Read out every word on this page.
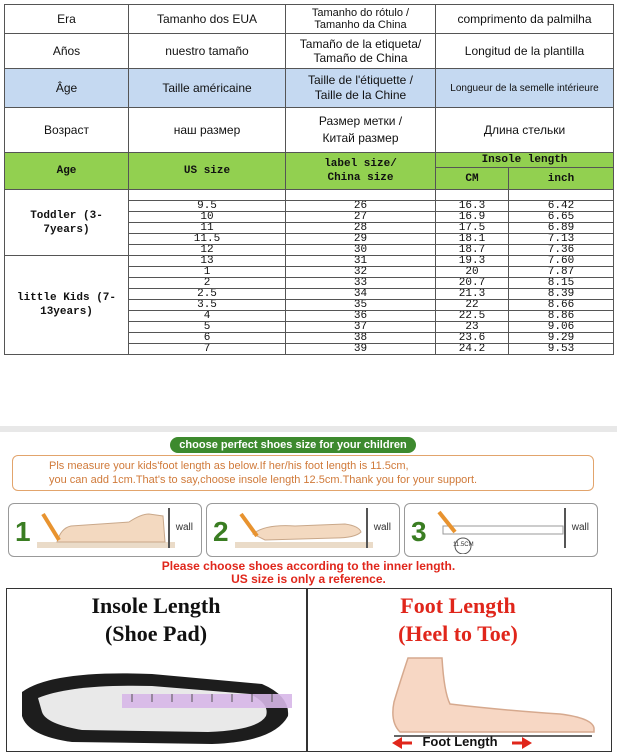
Era	Tamanho dos EUA	Tamanho do rótulo /
Tamanho da China	comprimento da palmilha	
Años	nuestro tamaño	Tamaño de la etiqueta/
Tamaño de China	Longitud de la plantilla	
Âge	Taille américaine	Taille de l'étiquette /
Taille de la Chine	Longueur de la semelle intérieure	
Возраст	наш размер	Размер метки /
Китай размер	Длина стельки	
Age	US size	label size/
China size	Insole length	
			CM	inch
Toddler (3-
7years)				
	9.5	26	16.3	6.42
	10	27	16.9	6.65
	11	28	17.5	6.89
	11.5	29	18.1	7.13
	12	30	18.7	7.36
little Kids (7-
13years)	13	31	19.3	7.60
	1	32	20	7.87
	2	33	20.7	8.15
	2.5	34	21.3	8.39
	3.5	35	22	8.66
	4	36	22.5	8.86
	5	37	23	9.06
	6	38	23.6	9.29
	7	39	24.2	9.53
choose perfect shoes size for your children
Pls measure your kids'foot length as below.If her/his foot length is 11.5cm,
you can add 1cm.That's to say,choose insole length 12.5cm.Thank you for your support.
1	wall 2	wall 3	11.5CM
wall
Please choose shoes according to the inner length.
US size is only a reference.
Insole Length
(Shoe Pad)
Foot Length
(Heel to Toe)
Foot Length
